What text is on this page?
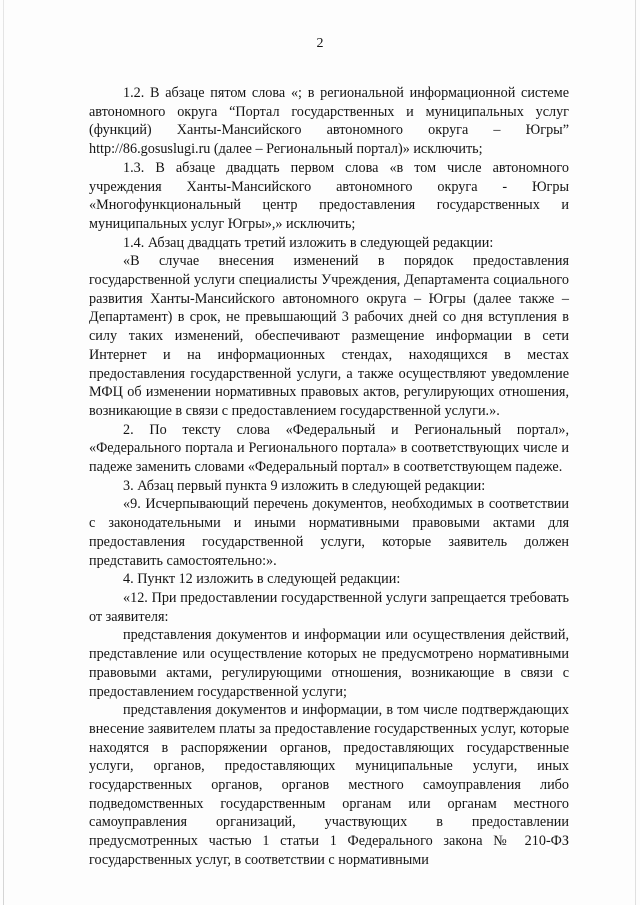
2

1.2. В абзаце пятом слова «; в региональной информационной системе автономного округа “Портал государственных и муниципальных услуг (функций) Ханты-Мансийского автономного округа – Югры” http://86.gosuslugi.ru (далее – Региональный портал)» исключить;

1.3. В абзаце двадцать первом слова «в том числе автономного учреждения Ханты-Мансийского автономного округа - Югры «Многофункциональный центр предоставления государственных и муниципальных услуг Югры»,» исключить;

1.4. Абзац двадцать третий изложить в следующей редакции:

«В случае внесения изменений в порядок предоставления государственной услуги специалисты Учреждения, Департамента социального развития Ханты-Мансийского автономного округа – Югры (далее также – Департамент) в срок, не превышающий 3 рабочих дней со дня вступления в силу таких изменений, обеспечивают размещение информации в сети Интернет и на информационных стендах, находящихся в местах предоставления государственной услуги, а также осуществляют уведомление МФЦ об изменении нормативных правовых актов, регулирующих отношения, возникающие в связи с предоставлением государственной услуги.».

2. По тексту слова «Федеральный и Региональный портал», «Федерального портала и Регионального портала» в соответствующих числе и падеже заменить словами «Федеральный портал» в соответствующем падеже.

3. Абзац первый пункта 9 изложить в следующей редакции:

«9. Исчерпывающий перечень документов, необходимых в соответствии с законодательными и иными нормативными правовыми актами для предоставления государственной услуги, которые заявитель должен представить самостоятельно:».

4. Пункт 12 изложить в следующей редакции:

«12. При предоставлении государственной услуги запрещается требовать от заявителя:

представления документов и информации или осуществления действий, представление или осуществление которых не предусмотрено нормативными правовыми актами, регулирующими отношения, возникающие в связи с предоставлением государственной услуги;

представления документов и информации, в том числе подтверждающих внесение заявителем платы за предоставление государственных услуг, которые находятся в распоряжении органов, предоставляющих государственные услуги, органов, предоставляющих муниципальные услуги, иных государственных органов, органов местного самоуправления либо подведомственных государственным органам или органам местного самоуправления организаций, участвующих в предоставлении предусмотренных частью 1 статьи 1 Федерального закона № 210-ФЗ государственных услуг, в соответствии с нормативными
